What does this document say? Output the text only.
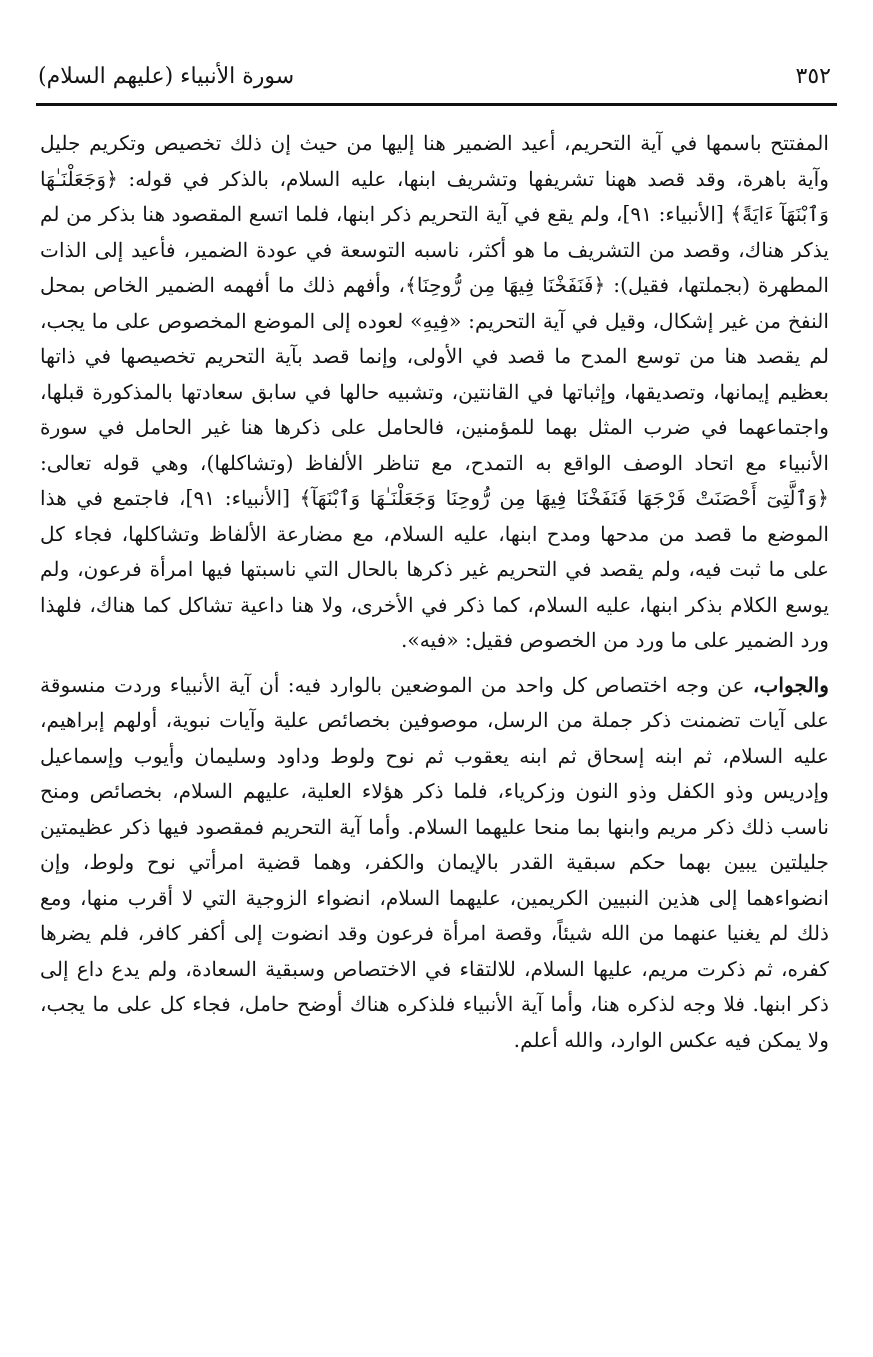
٣٥٢
سورة الأنبياء (عليهم السلام)

المفتتح باسمها في آية التحريم، أعيد الضمير هنا إليها من حيث إن ذلك تخصيص وتكريم جليل وآية باهرة، وقد قصد ههنا تشريفها وتشريف ابنها، عليه السلام، بالذكر في قوله: ﴿وَجَعَلْنَـٰهَا وَٱبْنَهَآ ءَايَةً﴾ [الأنبياء: ٩١]، ولم يقع في آية التحريم ذكر ابنها، فلما اتسع المقصود هنا بذكر من لم يذكر هناك، وقصد من التشريف ما هو أكثر، ناسبه التوسعة في عودة الضمير، فأعيد إلى الذات المطهرة (بجملتها، فقيل): ﴿فَنَفَخْنَا فِيهَا مِن رُّوحِنَا﴾، وأفهم ذلك ما أفهمه الضمير الخاص بمحل النفخ من غير إشكال، وقيل في آية التحريم: «فِيهِ» لعوده إلى الموضع المخصوص على ما يجب، لم يقصد هنا من توسع المدح ما قصد في الأولى، وإنما قصد بآية التحريم تخصيصها في ذاتها بعظيم إيمانها، وتصديقها، وإثباتها في القانتين، وتشبيه حالها في سابق سعادتها بالمذكورة قبلها، واجتماعهما في ضرب المثل بهما للمؤمنين، فالحامل على ذكرها هنا غير الحامل في سورة الأنبياء مع اتحاد الوصف الواقع به التمدح، مع تناظر الألفاظ (وتشاكلها)، وهي قوله تعالى: ﴿وَٱلَّتِىٓ أَحْصَنَتْ فَرْجَهَا فَنَفَخْنَا فِيهَا مِن رُّوحِنَا وَجَعَلْنَـٰهَا وَٱبْنَهَآ﴾ [الأنبياء: ٩١]، فاجتمع في هذا الموضع ما قصد من مدحها ومدح ابنها، عليه السلام، مع مضارعة الألفاظ وتشاكلها، فجاء كل على ما ثبت فيه، ولم يقصد في التحريم غير ذكرها بالحال التي ناسبتها فيها امرأة فرعون، ولم يوسع الكلام بذكر ابنها، عليه السلام، كما ذكر في الأخرى، ولا هنا داعية تشاكل كما هناك، فلهذا ورد الضمير على ما ورد من الخصوص فقيل: «فيه».

والجواب، عن وجه اختصاص كل واحد من الموضعين بالوارد فيه: أن آية الأنبياء وردت منسوقة على آيات تضمنت ذكر جملة من الرسل، موصوفين بخصائص علية وآيات نبوية، أولهم إبراهيم، عليه السلام، ثم ابنه إسحاق ثم ابنه يعقوب ثم نوح ولوط وداود وسليمان وأيوب وإسماعيل وإدريس وذو الكفل وذو النون وزكرياء، فلما ذكر هؤلاء العلية، عليهم السلام، بخصائص ومنح ناسب ذلك ذكر مريم وابنها بما منحا عليهما السلام. وأما آية التحريم فمقصود فيها ذكر عظيمتين جليلتين يبين بهما حكم سبقية القدر بالإيمان والكفر، وهما قضية امرأتي نوح ولوط، وإن انضواءهما إلى هذين النبيين الكريمين، عليهما السلام، انضواء الزوجية التي لا أقرب منها، ومع ذلك لم يغنيا عنهما من الله شيئاً، وقصة امرأة فرعون وقد انضوت إلى أكفر كافر، فلم يضرها كفره، ثم ذكرت مريم، عليها السلام، للالتقاء في الاختصاص وسبقية السعادة، ولم يدع داع إلى ذكر ابنها. فلا وجه لذكره هنا، وأما آية الأنبياء فلذكره هناك أوضح حامل، فجاء كل على ما يجب، ولا يمكن فيه عكس الوارد، والله أعلم.
